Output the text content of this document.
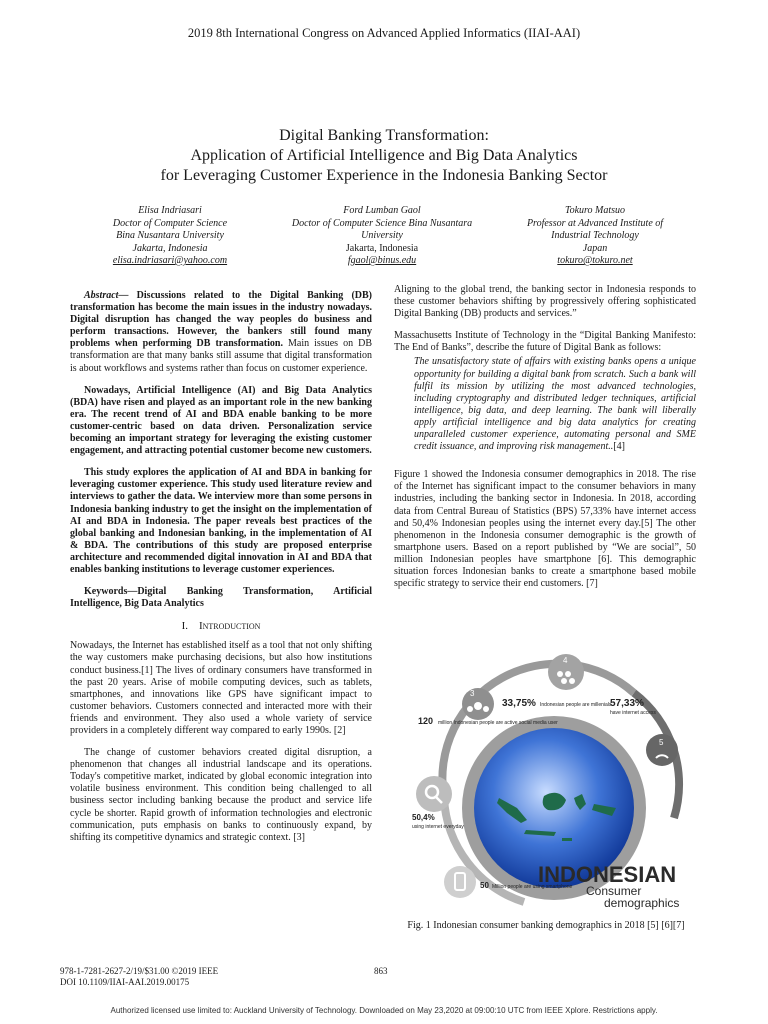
2019 8th International Congress on Advanced Applied Informatics (IIAI-AAI)
Digital Banking Transformation:
Application of Artificial Intelligence and Big Data Analytics
for Leveraging Customer Experience in the Indonesia Banking Sector
Elisa Indriasari
Doctor of Computer Science
Bina Nusantara University
Jakarta, Indonesia
elisa.indriasari@yahoo.com
Ford Lumban Gaol
Doctor of Computer Science Bina Nusantara
University
Jakarta, Indonesia
fgaol@binus.edu
Tokuro Matsuo
Professor at Advanced Institute of
Industrial Technology
Japan
tokuro@tokuro.net

Abstract— Discussions related to the Digital Banking (DB) transformation has become the main issues in the industry nowadays. Digital disruption has changed the way peoples do business and perform transactions. However, the bankers still found many problems when performing DB transformation. Main issues on DB transformation are that many banks still assume that digital transformation is about workflows and systems rather than focus on customer experience.

Nowadays, Artificial Intelligence (AI) and Big Data Analytics (BDA) have risen and played as an important role in the new banking era. The recent trend of AI and BDA enable banking to be more customer-centric based on data driven. Personalization service becoming an important strategy for leveraging the existing customer engagement, and attracting potential customer become new customers.

This study explores the application of AI and BDA in banking for leveraging customer experience. This study used literature review and interviews to gather the data. We interview more than some persons in Indonesia banking industry to get the insight on the implementation of AI and BDA in Indonesia. The paper reveals best practices of the global banking and Indonesian banking, in the implementation of AI & BDA. The contributions of this study are proposed enterprise architecture and recommended digital innovation in AI and BDA that enables banking institutions to leverage customer experiences.

Keywords—Digital Banking Transformation, Artificial Intelligence, Big Data Analytics

I. Introduction

Nowadays, the Internet has established itself as a tool that not only shifting the way customers make purchasing decisions, but also how institutions conduct business.[1] The lives of ordinary consumers have transformed in the past 20 years. Arise of mobile computing devices, such as tablets, smartphones, and innovations like GPS have significant impact to customer behaviors. Customers connected and interacted more with their friends and environment. They also used a whole variety of service providers in a completely different way compared to early 1990s. [2]

The change of customer behaviors created digital disruption, a phenomenon that changes all industrial landscape and its operations. Today's competitive market, indicated by global economic integration into volatile business environment. This condition being challenged to all business sector including banking because the product and service life cycle be shorter. Rapid growth of information technologies and electronic communication, puts emphasis on banks to continuously expand, by shifting its competitive dynamics and strategic context. [3]

Aligning to the global trend, the banking sector in Indonesia responds to these customer behaviors shifting by progressively offering sophisticated Digital Banking (DB) products and services.”

Massachusetts Institute of Technology in the “Digital Banking Manifesto: The End of Banks”, describe the future of Digital Bank as follows:

The unsatisfactory state of affairs with existing banks opens a unique opportunity for building a digital bank from scratch. Such a bank will fulfil its mission by utilizing the most advanced technologies, including cryptography and distributed ledger techniques, artificial intelligence, big data, and deep learning. The bank will liberally apply artificial intelligence and big data analytics for creating unparalleled customer experience, automating personal and SME credit issuance, and improving risk management..[4]

Figure 1 showed the Indonesia consumer demographics in 2018. The rise of the Internet has significant impact to the consumer behaviors in many industries, including the banking sector in Indonesia. In 2018, according data from Central Bureau of Statistics (BPS) 57,33% have internet access and 50,4% Indonesian peoples using the internet every day.[5] The other phenomenon in the Indonesia consumer demographic is the growth of smartphone users. Based on a report published by “We are social”, 50 million Indonesian peoples have smartphone [6]. This demographic situation forces Indonesian banks to create a smartphone based mobile specific strategy to service their end customers. [7]

3
4
5
33,75% Indonesian people are millenials
57,33%
have internet access
120 million Indonesian people are active social media user
50,4%
using internet everyday
50 Million people are using smartphone
INDONESIAN
Consumer
demographics
Fig. 1 Indonesian consumer banking demographics in 2018 [5] [6][7]
978-1-7281-2627-2/19/$31.00 ©2019 IEEE
DOI 10.1109/IIAI-AAI.2019.00175
863
Authorized licensed use limited to: Auckland University of Technology. Downloaded on May 23,2020 at 09:00:10 UTC from IEEE Xplore. Restrictions apply.
